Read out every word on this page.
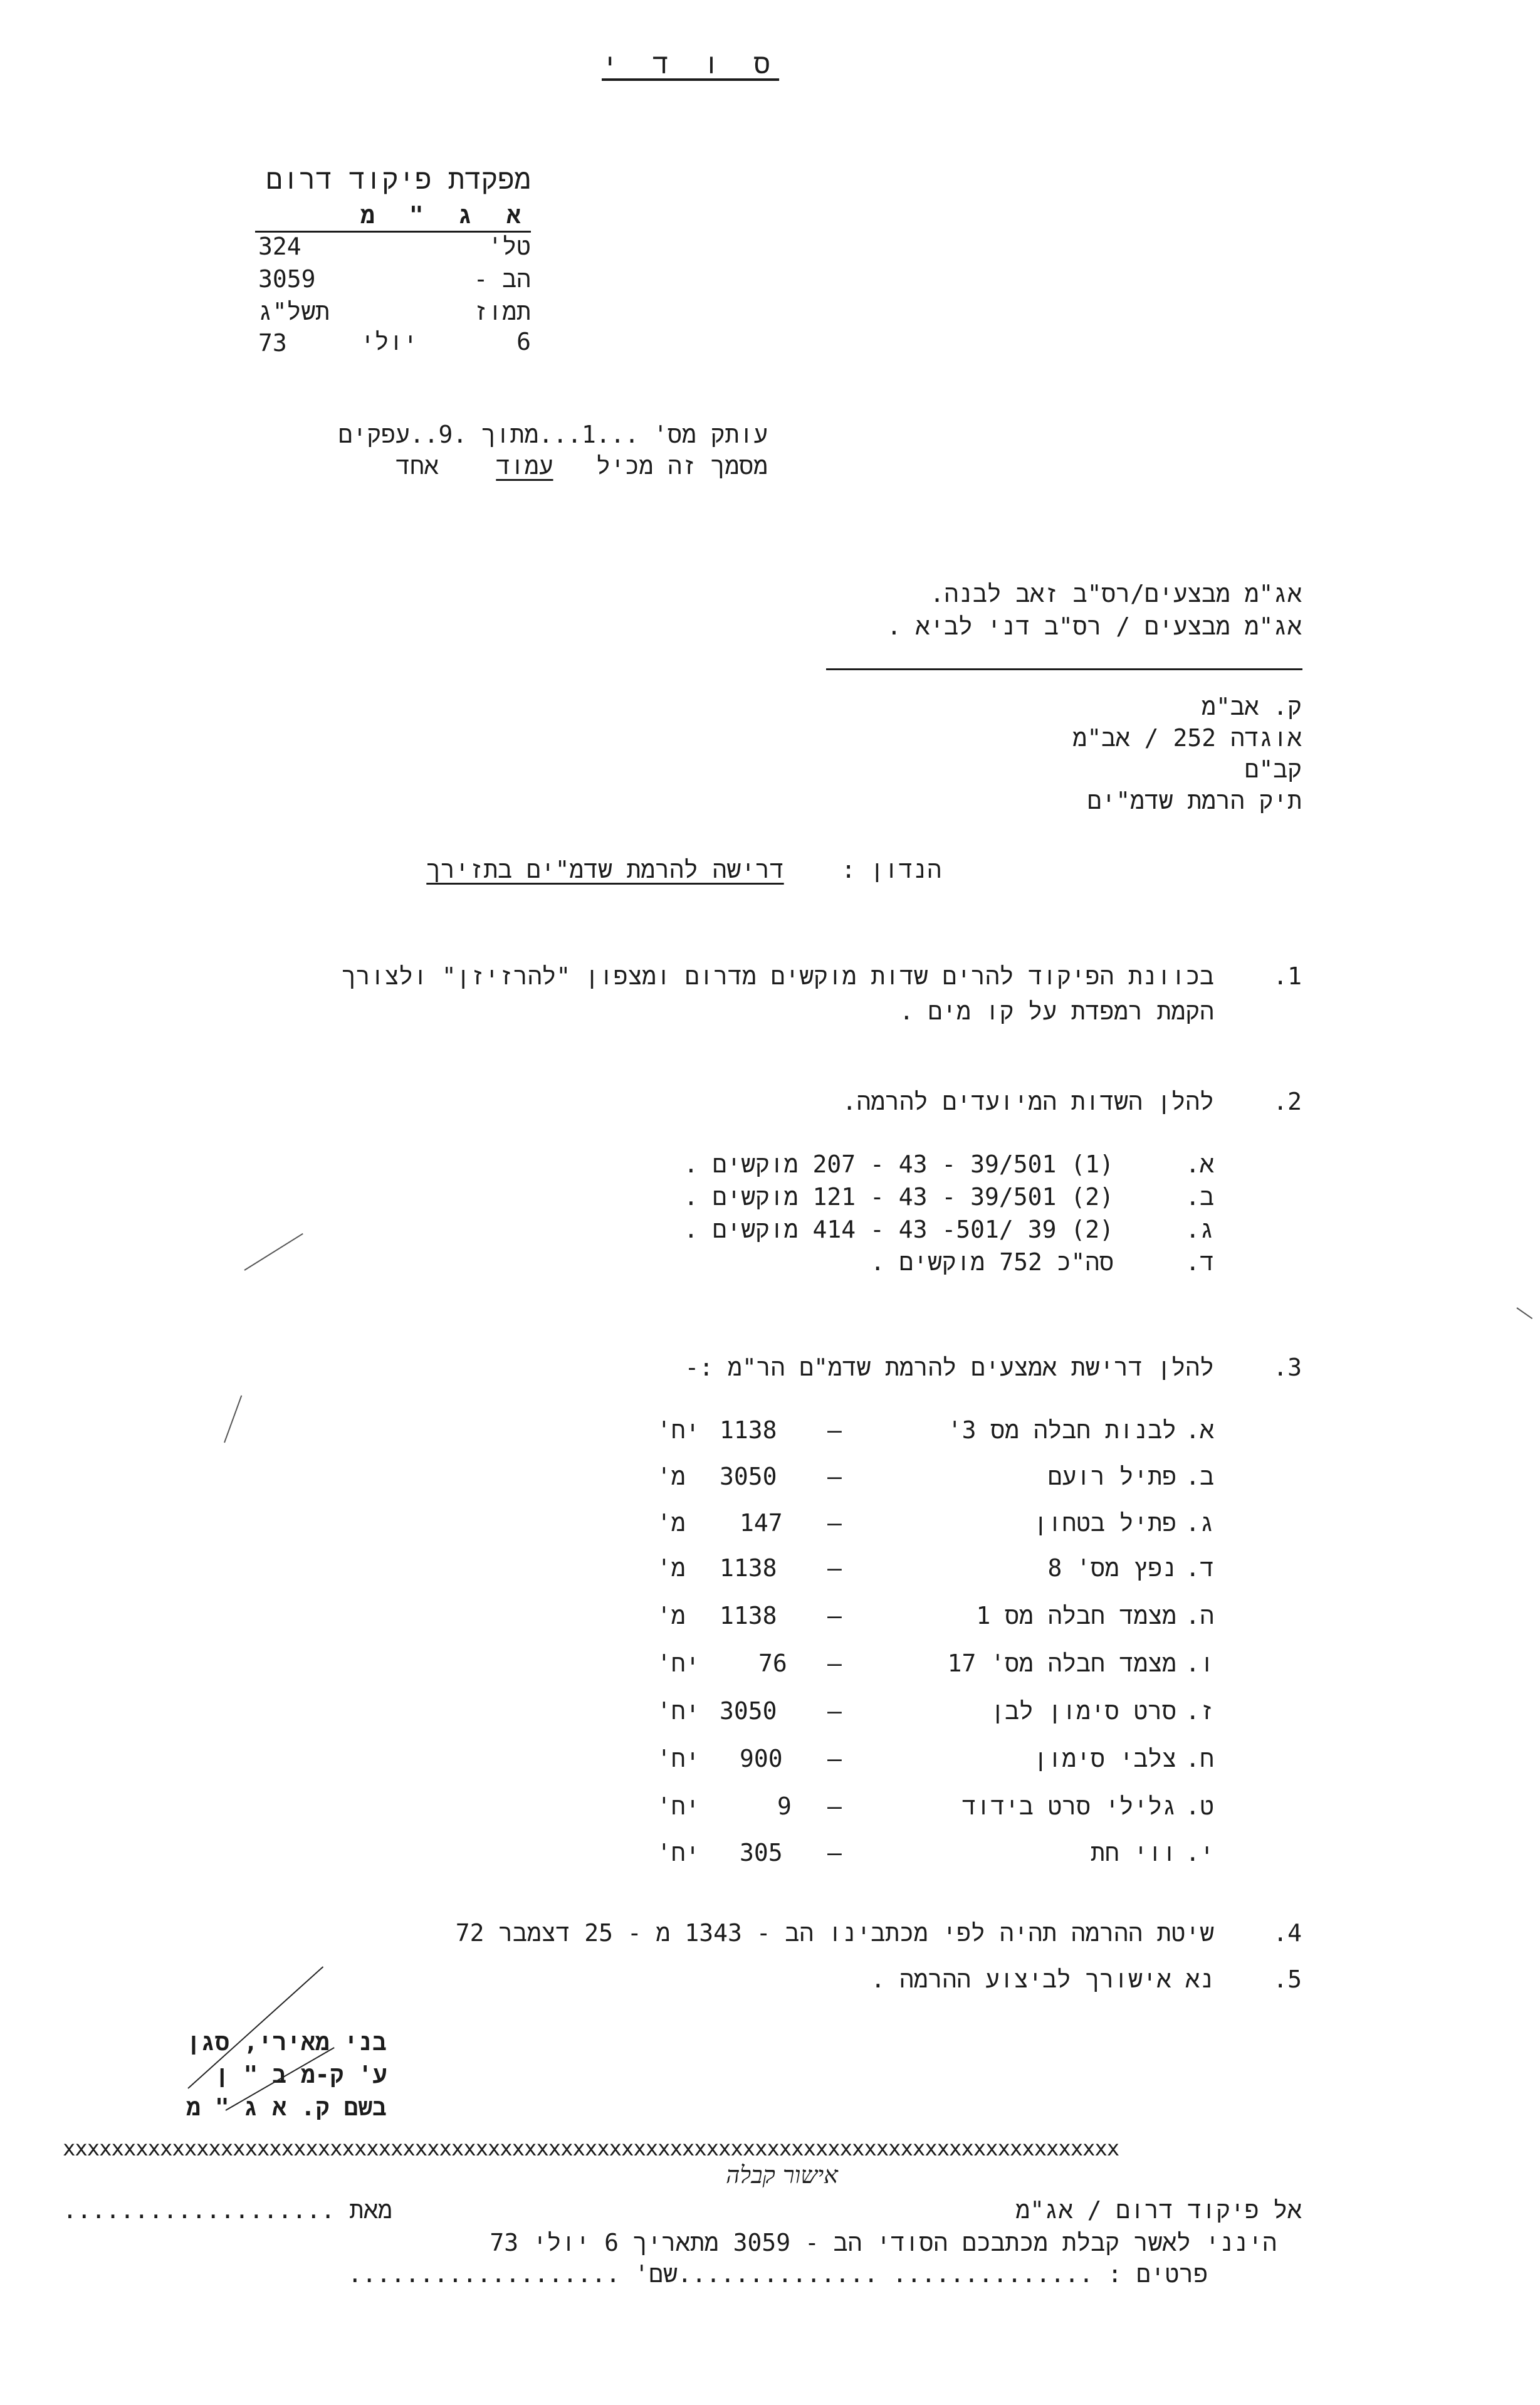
ס ו ד י
מפקדת פיקוד דרום
א ג " מ
טל'
324
הב -
3059
תמוז
תשל"ג
6
יולי
73
עותק מס' ...1...מתוך .9..עפקים
מסמך זה מכיל   עמוד    אחד
אג"מ מבצעים/רס"ב זאב לבנה.
אג"מ מבצעים / רס"ב דני לביא .
ק. אב"מ
אוגדה 252 / אב"מ
קב"ם
תיק הרמת שדמ"ים
הנדון :    דרישה להרמת שדמ"ים בתזירך
.1
בכוונת הפיקוד להרים שדות מוקשים מדרום ומצפון "להרזיזן" ולצורך
הקמת רמפדת על קו מים .
.2
להלן השדות המיועדים להרמה.
א.
(1) 39/501 - 43 - 207 מוקשים .
ב.
(2) 39/501 - 43 - 121 מוקשים .
ג.
(2) 39 /501- 43 - 414 מוקשים .
ד.
סה"כ 752 מוקשים .
.3
להלן דרישת אמצעים להרמת שדמ"ם הר"מ :-
א.
לבנות חבלה מס 3'
—
1138
יח'
ב.
פתיל רועם
—
3050
מ'
ג.
פתיל בטחון
—
147
מ'
ד.
נפץ מס' 8
—
1138
מ'
ה.
מצמד חבלה מס 1
—
1138
מ'
ו.
מצמד חבלה מס' 17
—
76
יח'
ז.
סרט סימון לבן
—
3050
יח'
ח.
צלבי סימון
—
900
יח'
ט.
גלילי סרט בידוד
—
9
יח'
י.
ווי חת
—
305
יח'
.4
שיטת ההרמה תהיה לפי מכתבינו הב - 1343 מ - 25 דצמבר 72
.5
נא אישורך לביצוע ההרמה .
בני מאירי, סגן
ע' ק-מ ב " ן
בשם ק. א ג " מ
xxxxxxxxxxxxxxxxxxxxxxxxxxxxxxxxxxxxxxxxxxxxxxxxxxxxxxxxxxxxxxxxxxxxxxxxxxxxxxxxxxxxxxx
אישור קבלה
אל פיקוד דרום / אג"מ
מאת ...................
הינני לאשר קבלת מכתבכם הסודי הב - 3059 מתאריך 6 יולי 73
פרטים : .............. ..............שם' ...................
